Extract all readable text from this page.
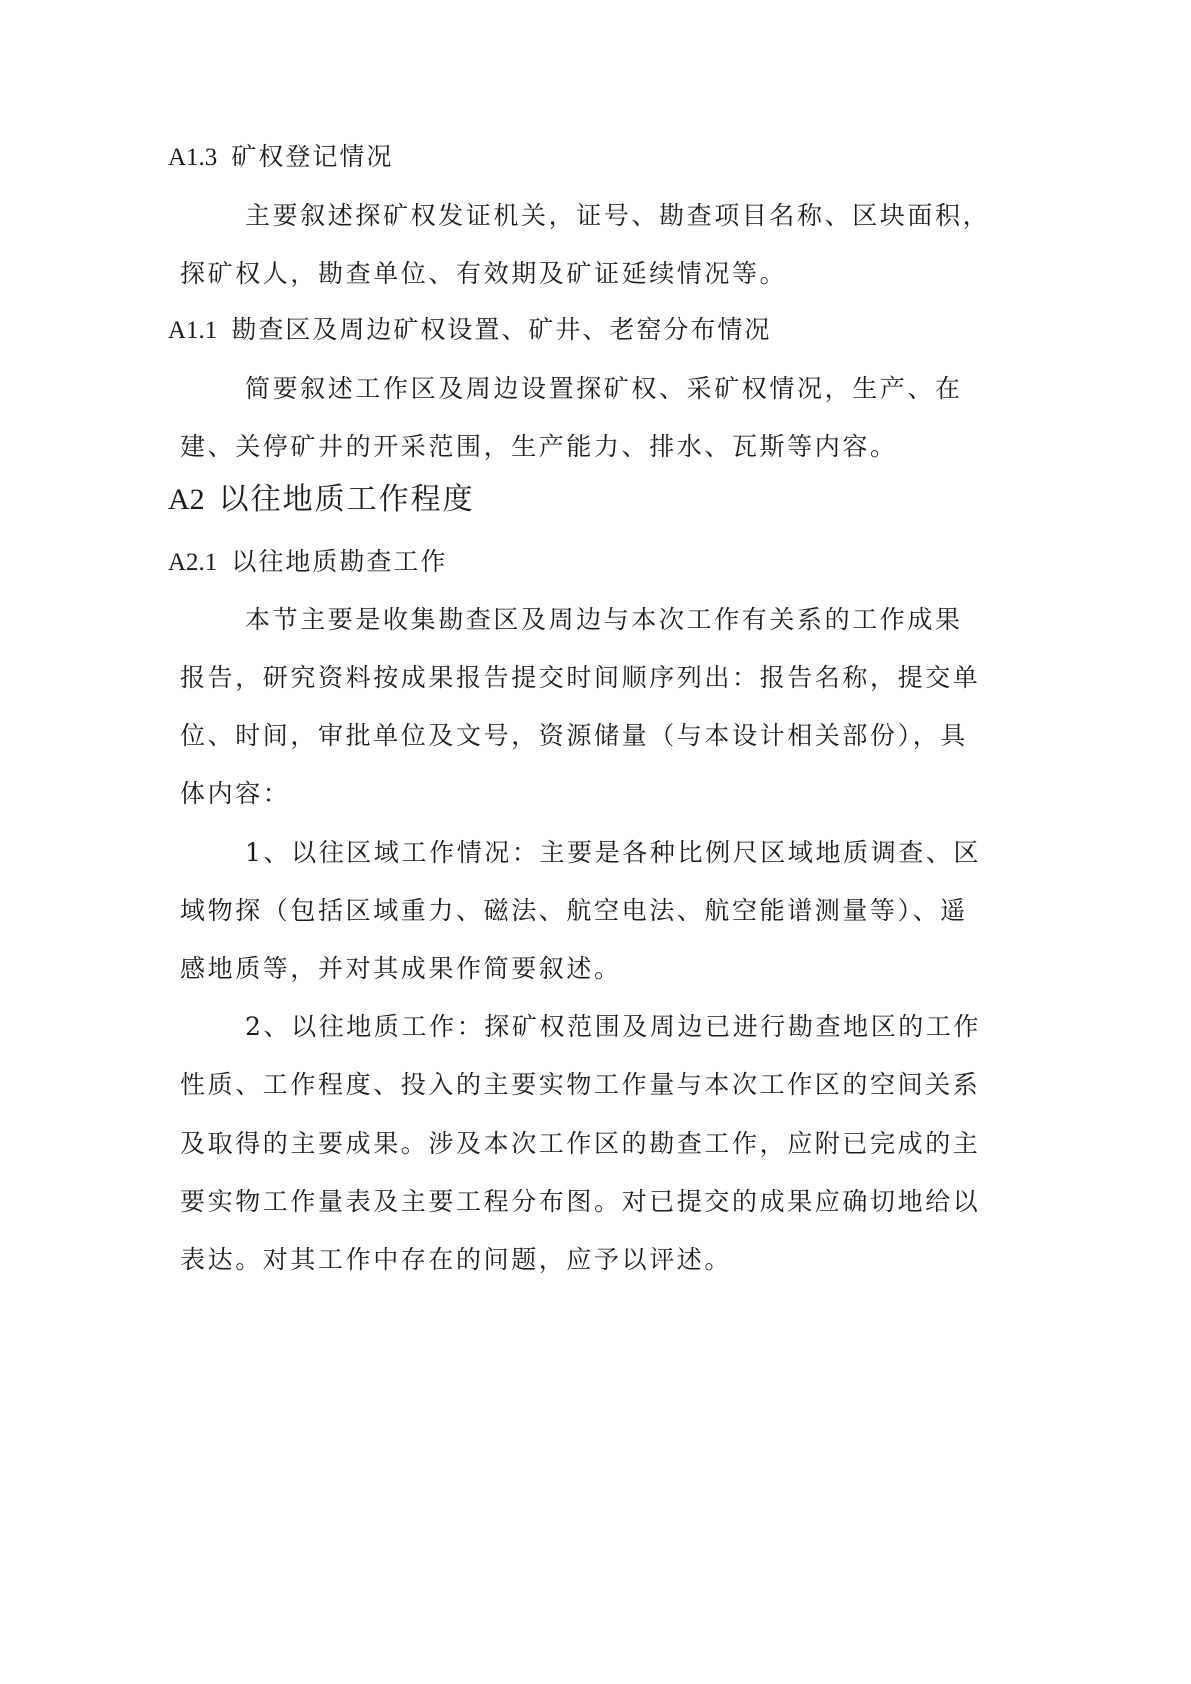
A1.3 矿权登记情况
主要叙述探矿权发证机关，证号、勘查项目名称、区块面积，
探矿权人，勘查单位、有效期及矿证延续情况等。
A1.1 勘查区及周边矿权设置、矿井、老窑分布情况
简要叙述工作区及周边设置探矿权、采矿权情况，生产、在
建、关停矿井的开采范围，生产能力、排水、瓦斯等内容。
A2 以往地质工作程度
A2.1 以往地质勘查工作
本节主要是收集勘查区及周边与本次工作有关系的工作成果
报告，研究资料按成果报告提交时间顺序列出：报告名称，提交单
位、时间，审批单位及文号，资源储量（与本设计相关部份），具
体内容：
1、以往区域工作情况：主要是各种比例尺区域地质调查、区
域物探（包括区域重力、磁法、航空电法、航空能谱测量等）、遥
感地质等，并对其成果作简要叙述。
2、以往地质工作：探矿权范围及周边已进行勘查地区的工作
性质、工作程度、投入的主要实物工作量与本次工作区的空间关系
及取得的主要成果。涉及本次工作区的勘查工作，应附已完成的主
要实物工作量表及主要工程分布图。对已提交的成果应确切地给以
表达。对其工作中存在的问题，应予以评述。
